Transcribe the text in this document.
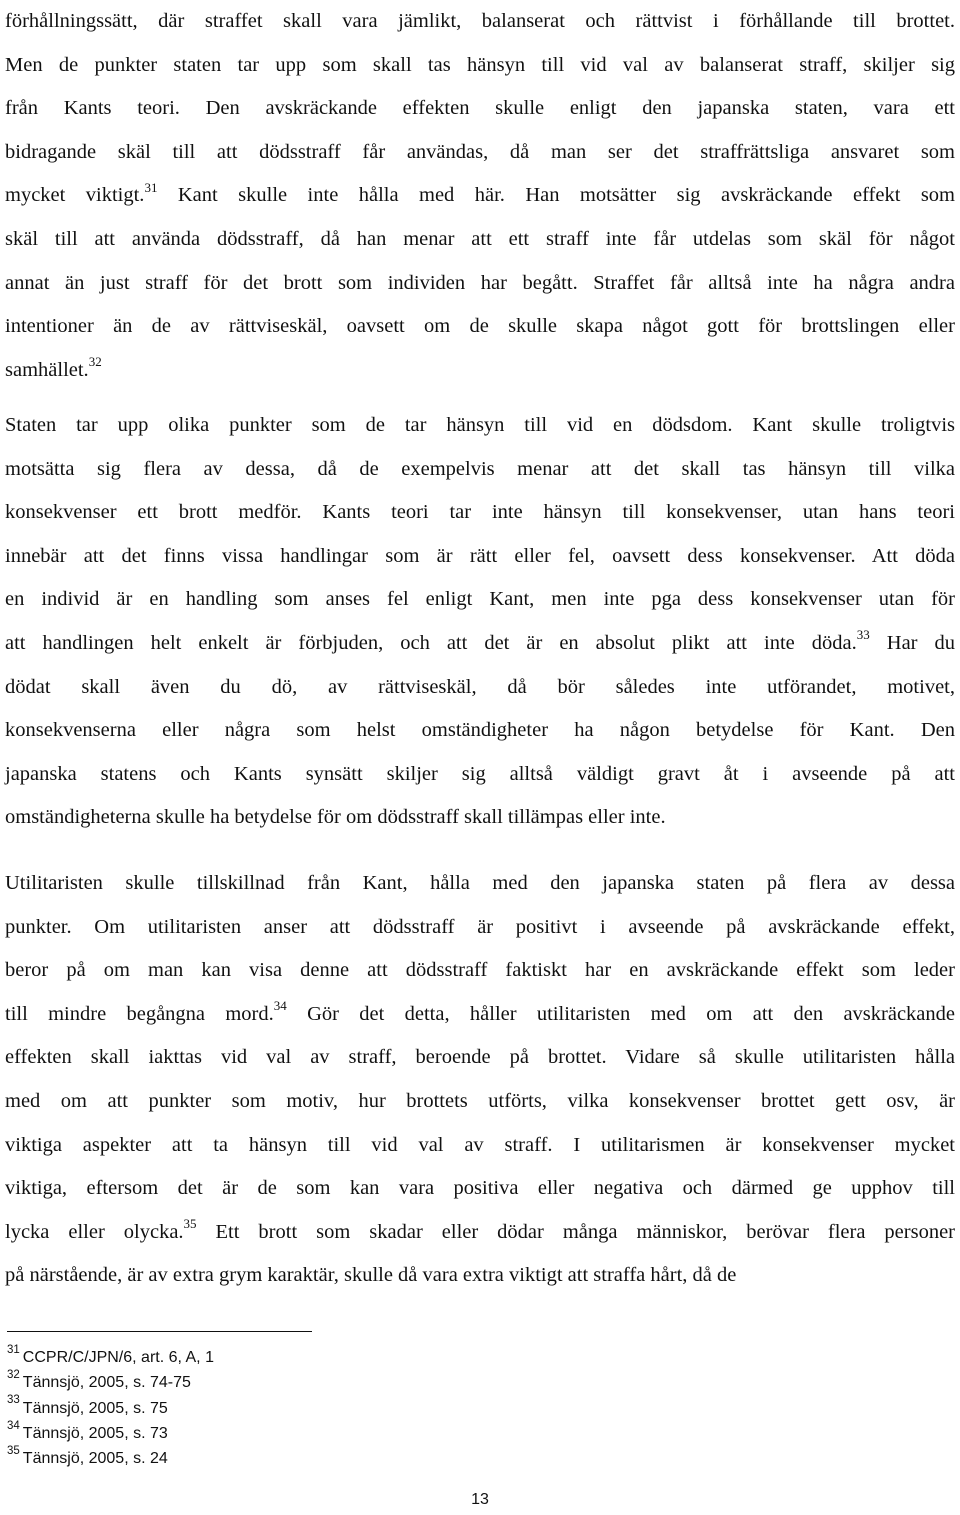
förhållningssätt, där straffet skall vara jämlikt, balanserat och rättvist i förhållande till brottet.
Men de punkter staten tar upp som skall tas hänsyn till vid val av balanserat straff, skiljer sig
från Kants teori. Den avskräckande effekten skulle enligt den japanska staten, vara ett
bidragande skäl till att dödsstraff får användas, då man ser det straffrättsliga ansvaret som
mycket viktigt.$^{31}$ Kant skulle inte hålla med här. Han motsätter sig avskräckande effekt som
skäl till att använda dödsstraff, då han menar att ett straff inte får utdelas som skäl för något
annat än just straff för det brott som individen har begått. Straffet får alltså inte ha några andra
intentioner än de av rättviseskäl, oavsett om de skulle skapa något gott för brottslingen eller
samhället.$^{32}$
Staten tar upp olika punkter som de tar hänsyn till vid en dödsdom. Kant skulle troligtvis
motsätta sig flera av dessa, då de exempelvis menar att det skall tas hänsyn till vilka
konsekvenser ett brott medför. Kants teori tar inte hänsyn till konsekvenser, utan hans teori
innebär att det finns vissa handlingar som är rätt eller fel, oavsett dess konsekvenser. Att döda
en individ är en handling som anses fel enligt Kant, men inte pga dess konsekvenser utan för
att handlingen helt enkelt är förbjuden, och att det är en absolut plikt att inte döda.$^{33}$ Har du
dödat skall även du dö, av rättviseskäl, då bör således inte utförandet, motivet,
konsekvenserna eller några som helst omständigheter ha någon betydelse för Kant. Den
japanska statens och Kants synsätt skiljer sig alltså väldigt gravt åt i avseende på att
omständigheterna skulle ha betydelse för om dödsstraff skall tillämpas eller inte.
Utilitaristen skulle tillskillnad från Kant, hålla med den japanska staten på flera av dessa
punkter. Om utilitaristen anser att dödsstraff är positivt i avseende på avskräckande effekt,
beror på om man kan visa denne att dödsstraff faktiskt har en avskräckande effekt som leder
till mindre begångna mord.$^{34}$ Gör det detta, håller utilitaristen med om att den avskräckande
effekten skall iakttas vid val av straff, beroende på brottet. Vidare så skulle utilitaristen hålla
med om att punkter som motiv, hur brottets utförts, vilka konsekvenser brottet gett osv, är
viktiga aspekter att ta hänsyn till vid val av straff. I utilitarismen är konsekvenser mycket
viktiga, eftersom det är de som kan vara positiva eller negativa och därmed ge upphov till
lycka eller olycka.$^{35}$ Ett brott som skadar eller dödar många människor, berövar flera personer
på närstående, är av extra grym karaktär, skulle då vara extra viktigt att straffa hårt, då de
$^{31}$ CCPR/C/JPN/6, art. 6, A, 1
$^{32}$ Tännsjö, 2005, s. 74-75
$^{33}$ Tännsjö, 2005, s. 75
$^{34}$ Tännsjö, 2005, s. 73
$^{35}$ Tännsjö, 2005, s. 24
13
